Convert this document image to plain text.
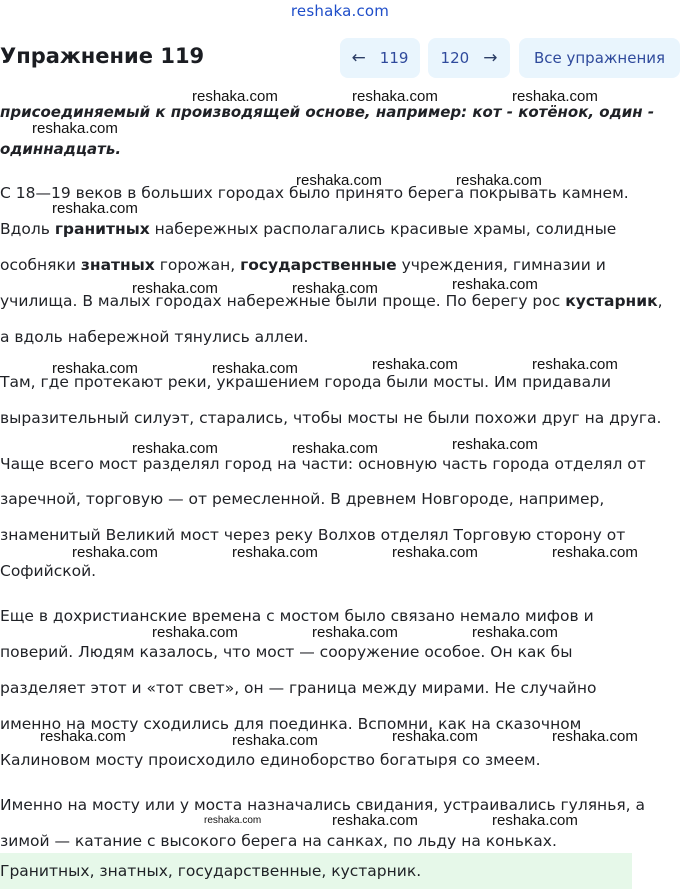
reshaka.com
Упражнение 119	← 119 120 →	Все упражнения
присоединяемый к производящей основе, например: кот - котёнок, один -
одиннадцать.
С 18—19 веков в больших городах было принято берега покрывать камнем.
Вдоль гранитных набережных располагались красивые храмы, солидные
особняки знатных горожан, государственные учреждения, гимназии и
училища. В малых городах набережные были проще. По берегу рос кустарник,
а вдоль набережной тянулись аллеи.
Там, где протекают реки, украшением города были мосты. Им придавали
выразительный силуэт, старались, чтобы мосты не были похожи друг на друга.
Чаще всего мост разделял город на части: основную часть города отделял от
заречной, торговую — от ремесленной. В древнем Новгороде, например,
знаменитый Великий мост через реку Волхов отделял Торговую сторону от
Софийской.
Еще в дохристианские времена с мостом было связано немало мифов и
поверий. Людям казалось, что мост — сооружение особое. Он как бы
разделяет этот и «тот свет», он — граница между мирами. Не случайно
именно на мосту сходились для поединка. Вспомни, как на сказочном
Калиновом мосту происходило единоборство богатыря со змеем.
Именно на мосту или у моста назначались свидания, устраивались гулянья, а
зимой — катание с высокого берега на санках, по льду на коньках.
Гранитных, знатных, государственные, кустарник.
reshaka.com	reshaka.com	reshaka.com
reshaka.com
reshaka.com	reshaka.com
reshaka.com
reshaka.com	reshaka.com	reshaka.com
reshaka.com	reshaka.com	reshaka.com	reshaka.com
reshaka.com	reshaka.com	reshaka.com
reshaka.com	reshaka.com	reshaka.com	reshaka.com
reshaka.com	reshaka.com	reshaka.com
reshaka.com	reshaka.com	reshaka.com	reshaka.com
reshaka.com	reshaka.com
reshaka.com
